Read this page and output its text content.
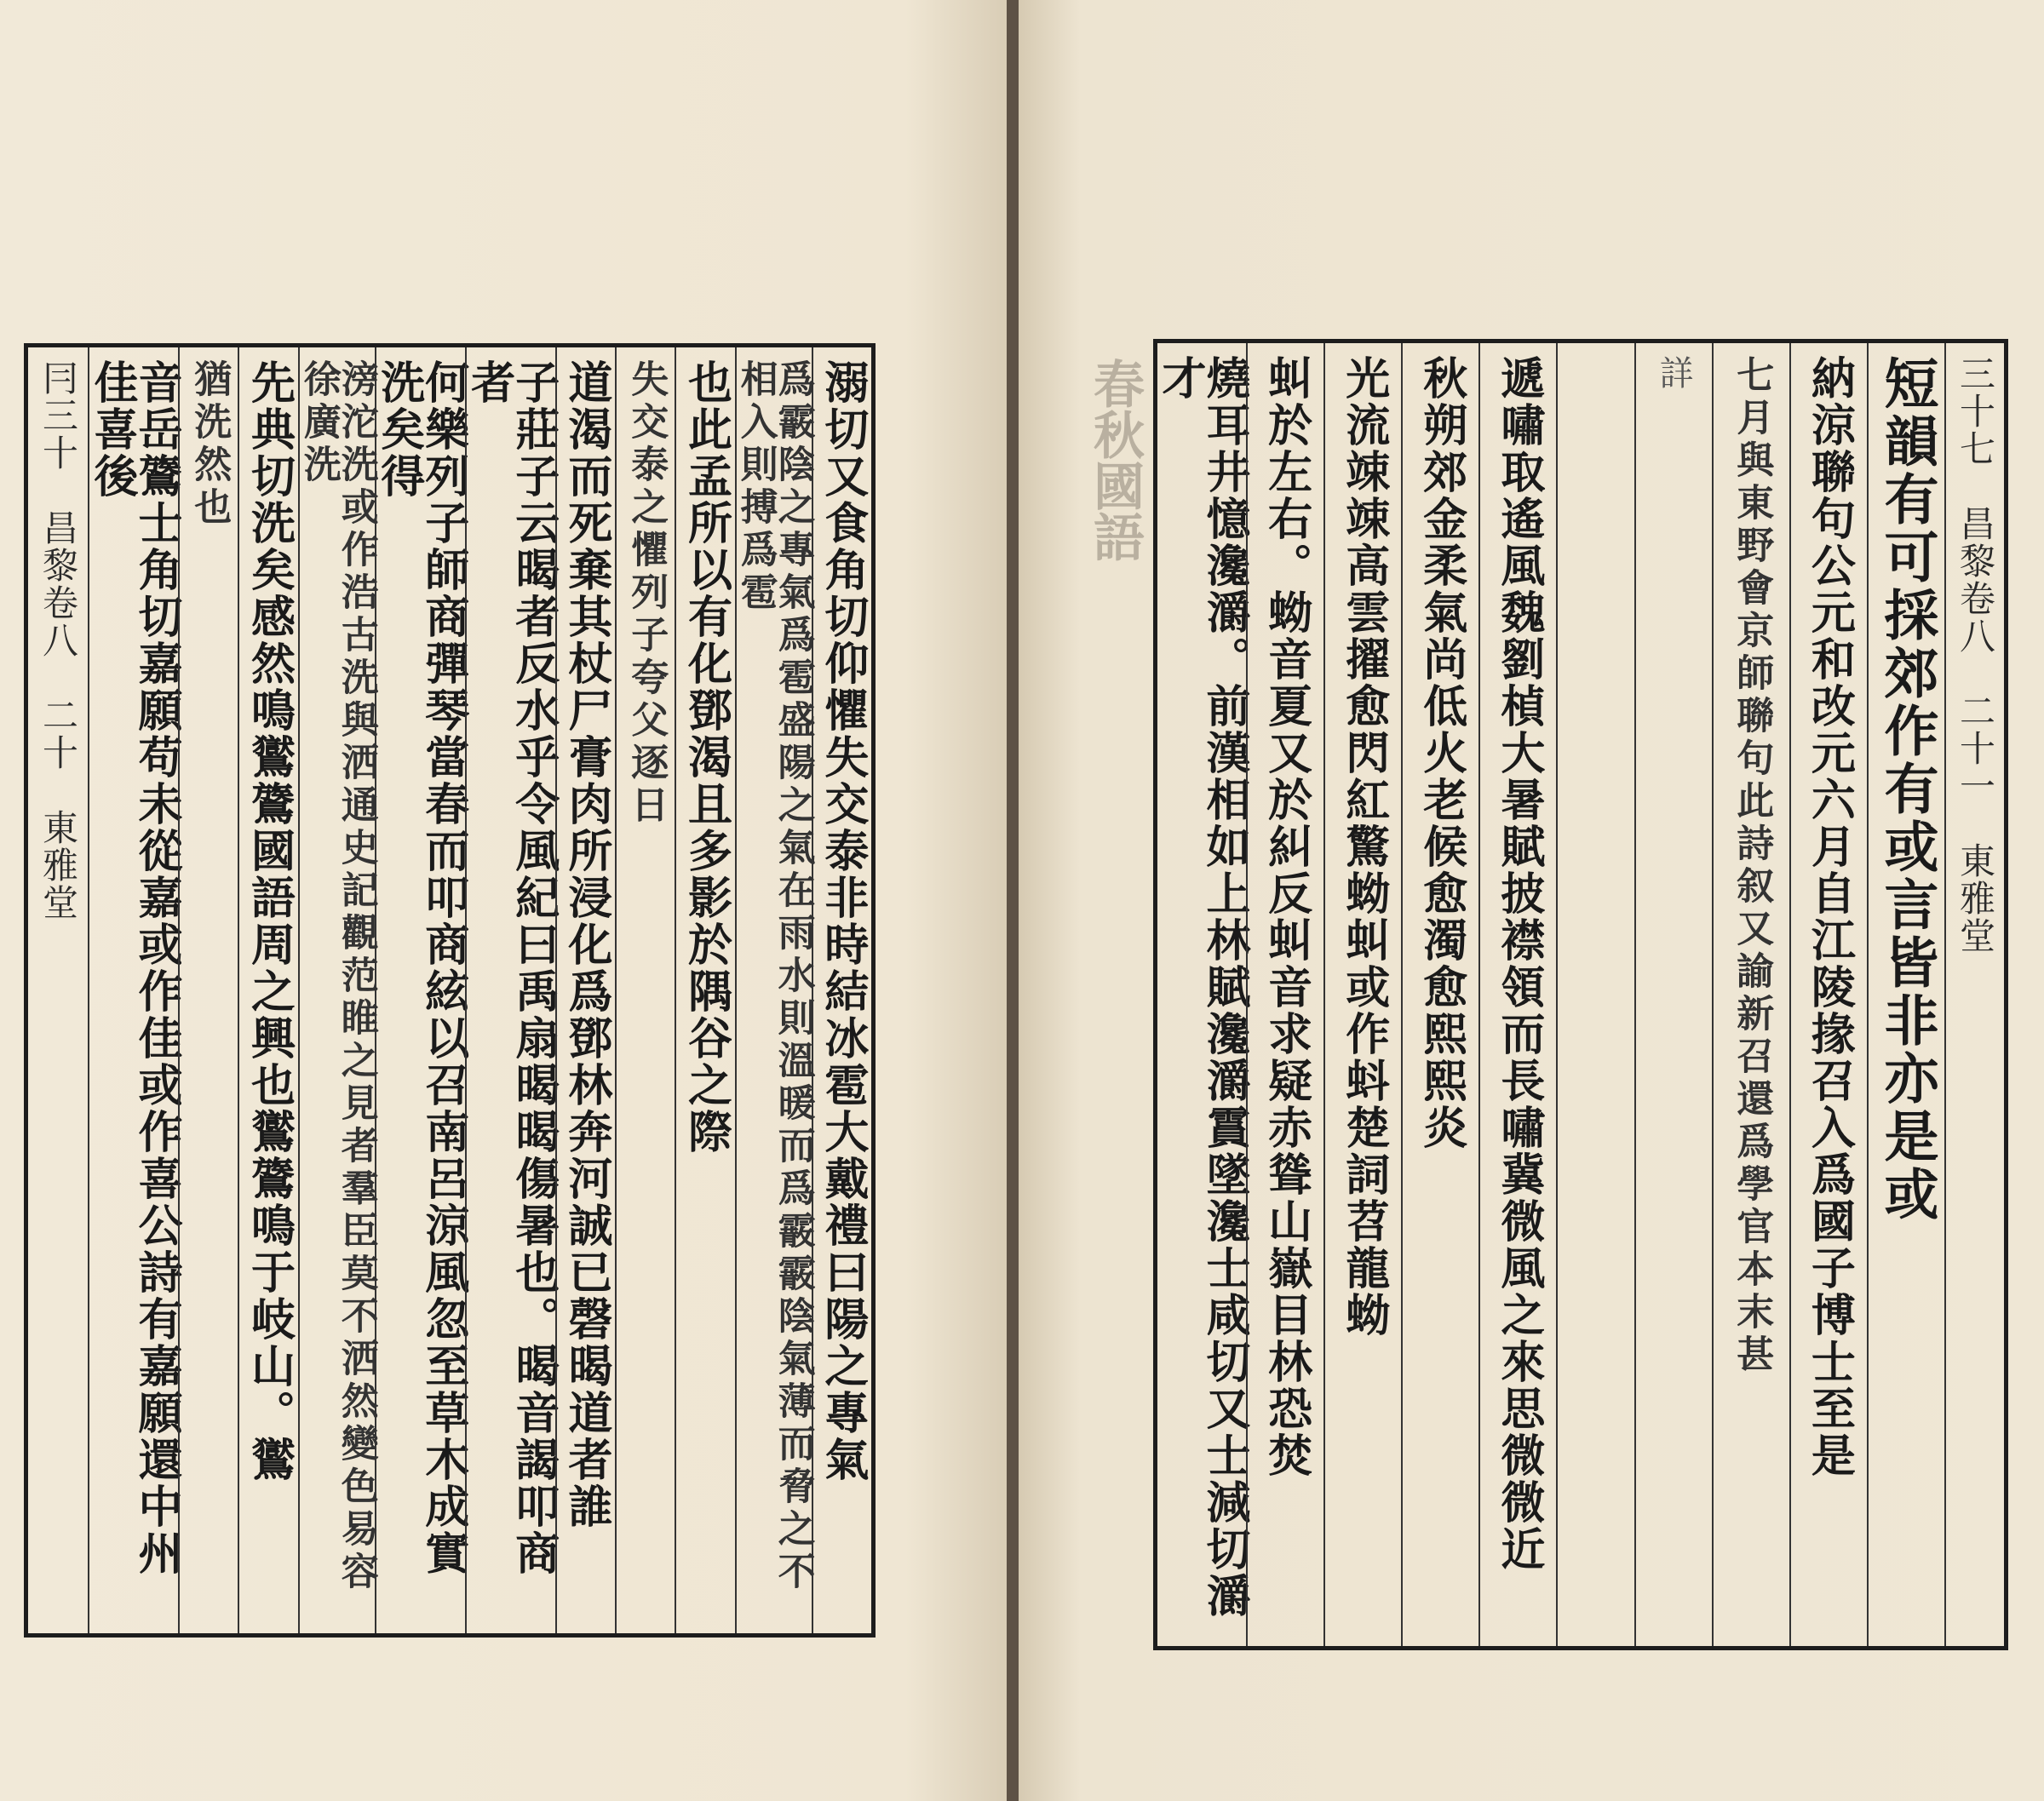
溺切又食角切仰懼失交泰非時結冰雹大戴禮曰陽之專氣
爲霰陰之專氣爲雹盛陽之氣在雨水則溫暖而爲霰霰陰氣薄而脅之不相入則搏爲雹
也此孟所以有化鄧渴且多影於隅谷之際
失交泰之懼列子夸父逐日
道渴而死棄其杖尸膏肉所浸化爲鄧林奔河誠已磬暍道者誰
子莊子云暍者反水乎令風紀曰禹扇暍暍傷暑也。暍音謁叩商者
何樂列子師商彈琴當春而叩商絃以召南呂涼風忽至草木成實洗矣得
滂沱洗或作浩古洗與洒通史記觀范睢之見者羣臣莫不洒然變色易容徐廣洗
先典切洗矣感然鳴鸑鷟國語周之興也鸑鷟鳴于岐山。鸑
猶洗然也
音岳鷟士角切嘉願苟未從嘉或作佳或作喜公詩有嘉願還中州佳喜後
冃三十　昌黎卷八　二十　東雅堂	春秋國語	三十七　昌黎卷八　二十一　東雅堂
短韻有可採郊作有或言皆非亦是或
納涼聯句公元和改元六月自江陵掾召入爲國子博士至是
七月與東野會京師聯句此詩叙又諭新召還爲學官本末甚
詳
遞嘯取遙風魏劉楨大暑賦披襟領而長嘯冀微風之來思微微近
秋朔郊金柔氣尚低火老候愈濁愈熙熙炎
光流竦竦高雲擢愈閃紅驚蚴虯或作蚪楚詞苕龍蚴
虯於左右。蚴音夏又於糾反虯音求疑赤聳山嶽目林恐焚
燒耳井憶瀺灂。前漢相如上林賦瀺灂霣墜瀺士咸切又士減切灂才
